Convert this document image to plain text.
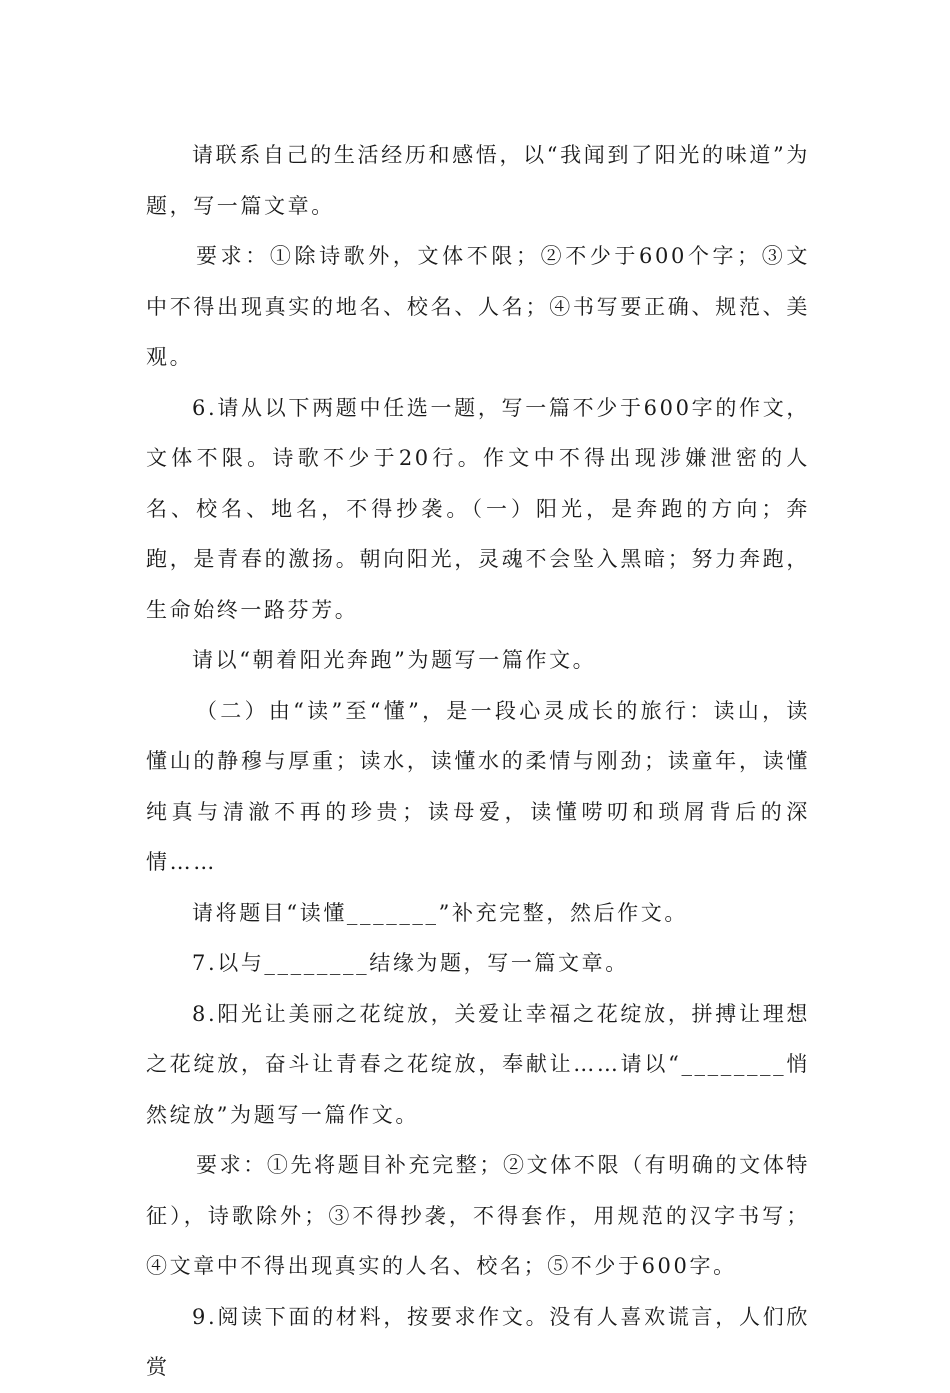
请联系自己的生活经历和感悟，以“我闻到了阳光的味道”为题，写一篇文章。

要求：①除诗歌外，文体不限；②不少于600个字；③文中不得出现真实的地名、校名、人名；④书写要正确、规范、美观。

6.请从以下两题中任选一题，写一篇不少于600字的作文，文体不限。诗歌不少于20行。作文中不得出现涉嫌泄密的人名、校名、地名，不得抄袭。（一）阳光，是奔跑的方向；奔跑，是青春的激扬。朝向阳光，灵魂不会坠入黑暗；努力奔跑，生命始终一路芬芳。

请以“朝着阳光奔跑”为题写一篇作文。

（二）由“读”至“懂”，是一段心灵成长的旅行：读山，读懂山的静穆与厚重；读水，读懂水的柔情与刚劲；读童年，读懂纯真与清澈不再的珍贵；读母爱，读懂唠叨和琐屑背后的深情……

请将题目“读懂_______”补充完整，然后作文。

7.以与________结缘为题，写一篇文章。

8.阳光让美丽之花绽放，关爱让幸福之花绽放，拼搏让理想之花绽放，奋斗让青春之花绽放，奉献让……请以“________悄然绽放”为题写一篇作文。

要求：①先将题目补充完整；②文体不限（有明确的文体特征），诗歌除外；③不得抄袭，不得套作，用规范的汉字书写；④文章中不得出现真实的人名、校名；⑤不少于600字。

9.阅读下面的材料，按要求作文。没有人喜欢谎言，人们欣赏
